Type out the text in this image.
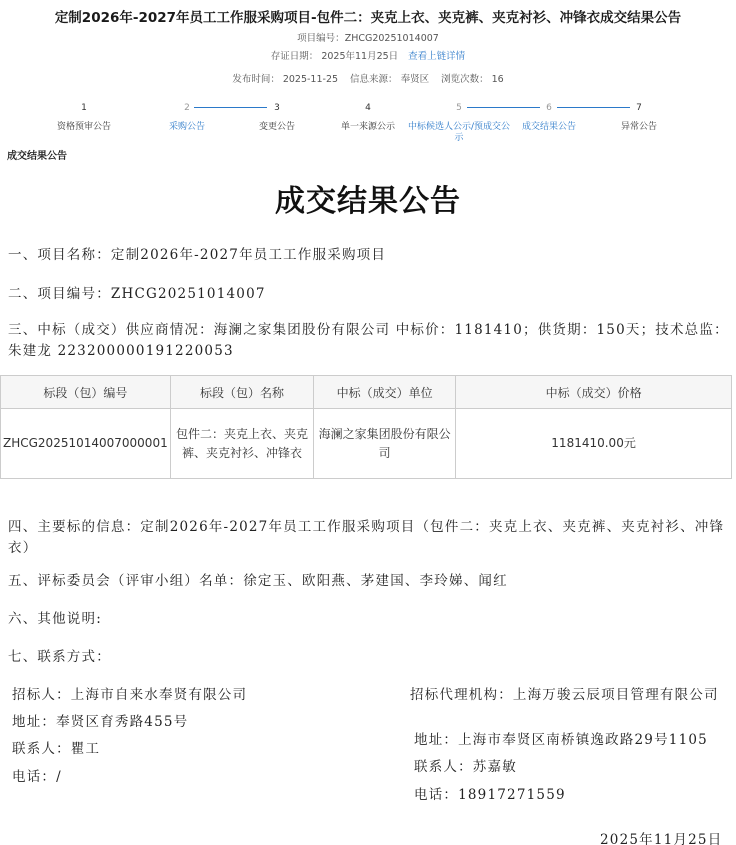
定制2026年-2027年员工工作服采购项目-包件二：夹克上衣、夹克裤、夹克衬衫、冲锋衣成交结果公告
项目编号：ZHCG20251014007
存证日期： 2025年11月25日 查看上链详情
发布时间： 2025-11-25 信息来源： 奉贤区 浏览次数： 16
1
资格预审公告
2
采购公告
3
变更公告
4
单一来源公示
5
中标候选人公示/预成交公示
6
成交结果公告
7
异常公告
成交结果公告
成交结果公告
一、项目名称：定制2026年-2027年员工工作服采购项目
二、项目编号：ZHCG20251014007
三、中标（成交）供应商情况：海澜之家集团股份有限公司 中标价：1181410；供货期：150天；技术总监：朱建龙 223200000191220053
标段（包）编号	标段（包）名称	中标（成交）单位	中标（成交）价格
ZHCG20251014007000001	包件二：夹克上衣、夹克裤、夹克衬衫、冲锋衣	海澜之家集团股份有限公司	1181410.00元
四、主要标的信息：定制2026年-2027年员工工作服采购项目（包件二：夹克上衣、夹克裤、夹克衬衫、冲锋衣）
五、评标委员会（评审小组）名单：徐定玉、欧阳燕、茅建国、李玲娣、闻红
六、其他说明:
七、联系方式：
招标人：上海市自来水奉贤有限公司
地址：奉贤区育秀路455号
联系人：瞿工
电话：/
招标代理机构：上海万骏云辰项目管理有限公司
地址：上海市奉贤区南桥镇逸政路29号1105
联系人：苏嘉敏
电话：18917271559
2025年11月25日
